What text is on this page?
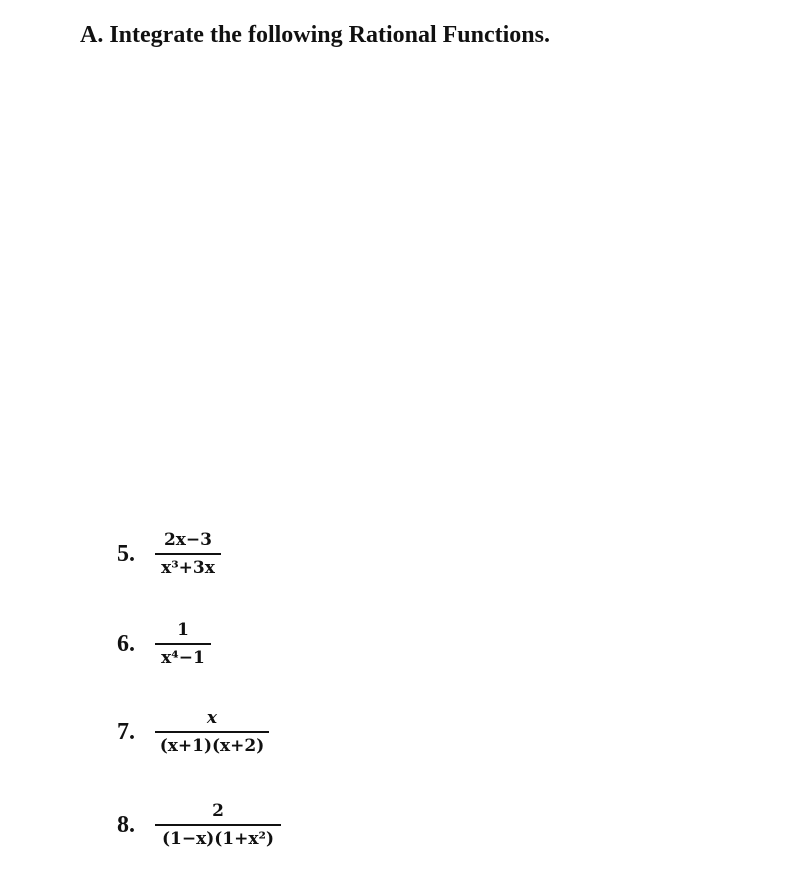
A. Integrate the following Rational Functions.
5.	$\frac{2x-3}{\text{x³+3x}}$
6.	$\frac{1}{\text{x⁴−1}}$
7.	$\frac{x}{(x+1)(x+2)}$
8.	$\frac{2}{\text{(1−x)(1+x²)}}$
